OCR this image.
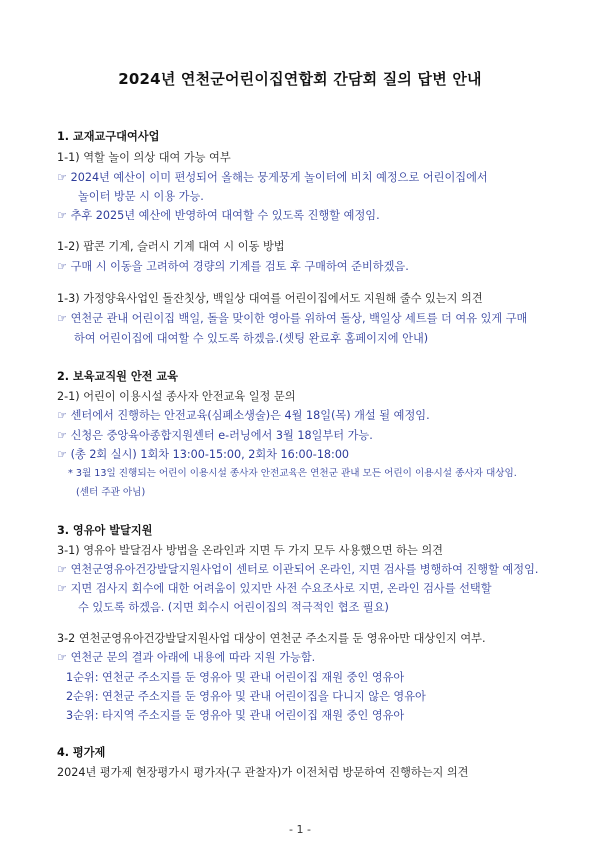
2024년 연천군어린이집연합회 간담회 질의 답변 안내
1. 교재교구대여사업
1-1) 역할 놀이 의상 대여 가능 여부
☞ 2024년 예산이 이미 편성되어 올해는 뭉게뭉게 놀이터에 비치 예정으로 어린이집에서
놀이터 방문 시 이용 가능.
☞ 추후 2025년 예산에 반영하여 대여할 수 있도록 진행할 예정임.
1-2) 팝콘 기계, 슬러시 기계 대여 시 이동 방법
☞ 구매 시 이동을 고려하여 경량의 기계를 검토 후 구매하여 준비하겠음.
1-3) 가정양육사업인 돌잔칫상, 백일상 대여를 어린이집에서도 지원해 줄수 있는지 의견
☞ 연천군 관내 어린이집 백일, 돌을 맞이한 영아를 위하여 돌상, 백일상 세트를 더 여유 있게 구매
하여 어린이집에 대여할 수 있도록 하겠음.(셋팅 완료후 홈페이지에 안내)
2. 보육교직원 안전 교육
2-1) 어린이 이용시설 종사자 안전교육 일정 문의
☞ 센터에서 진행하는 안전교육(심폐소생술)은 4월 18일(목) 개설 될 예정임.
☞ 신청은 중앙육아종합지원센터 e-러닝에서 3월 18일부터 가능.
☞ (총 2회 실시) 1회차 13:00-15:00, 2회차 16:00-18:00
* 3월 13일 진행되는 어린이 이용시설 종사자 안전교육은 연천군 관내 모든 어린이 이용시설 종사자 대상임.
(센터 주관 아님)
3. 영유아 발달지원
3-1) 영유아 발달검사 방법을 온라인과 지면 두 가지 모두 사용했으면 하는 의견
☞ 연천군영유아건강발달지원사업이 센터로 이관되어 온라인, 지면 검사를 병행하여 진행할 예정임.
☞ 지면 검사지 회수에 대한 어려움이 있지만 사전 수요조사로 지면, 온라인 검사를 선택할
수 있도록 하겠음. (지면 회수시 어린이집의 적극적인 협조 필요)
3-2 연천군영유아건강발달지원사업 대상이 연천군 주소지를 둔 영유아만 대상인지 여부.
☞ 연천군 문의 결과 아래에 내용에 따라 지원 가능함.
1순위: 연천군 주소지를 둔 영유아 및 관내 어린이집 재원 중인 영유아
2순위: 연천군 주소지를 둔 영유아 및 관내 어린이집을 다니지 않은 영유아
3순위: 타지역 주소지를 둔 영유아 및 관내 어린이집 재원 중인 영유아
4. 평가제
2024년 평가제 현장평가시 평가자(구 관찰자)가 이전처럼 방문하여 진행하는지 의견
- 1 -
